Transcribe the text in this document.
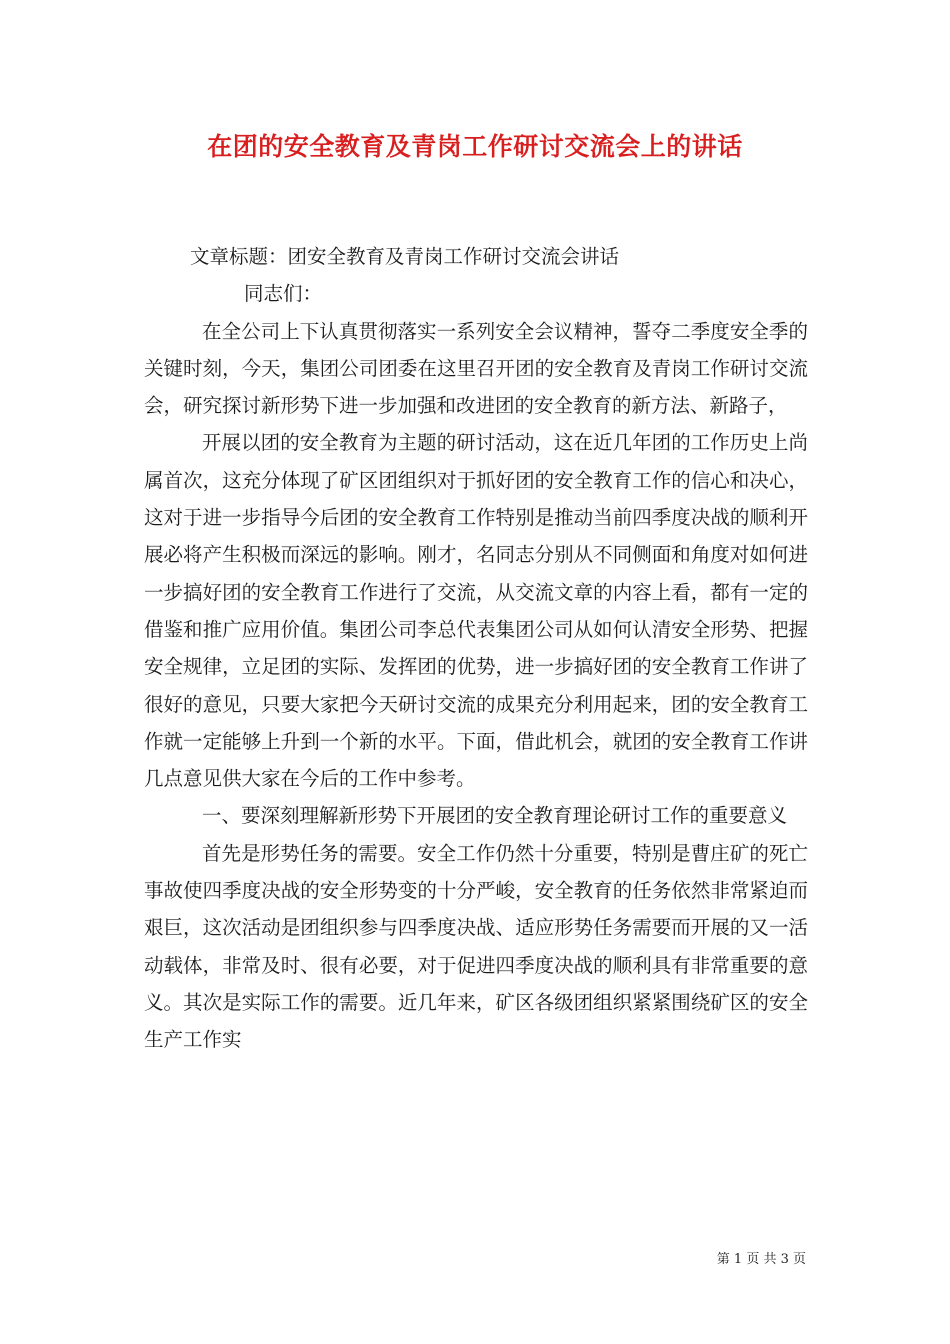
在团的安全教育及青岗工作研讨交流会上的讲话

文章标题：团安全教育及青岗工作研讨交流会讲话

同志们：

在全公司上下认真贯彻落实一系列安全会议精神，誓夺二季度安全季的关键时刻，今天，集团公司团委在这里召开团的安全教育及青岗工作研讨交流会，研究探讨新形势下进一步加强和改进团的安全教育的新方法、新路子，

开展以团的安全教育为主题的研讨活动，这在近几年团的工作历史上尚属首次，这充分体现了矿区团组织对于抓好团的安全教育工作的信心和决心，这对于进一步指导今后团的安全教育工作特别是推动当前四季度决战的顺利开展必将产生积极而深远的影响。刚才，名同志分别从不同侧面和角度对如何进一步搞好团的安全教育工作进行了交流，从交流文章的内容上看，都有一定的借鉴和推广应用价值。集团公司李总代表集团公司从如何认清安全形势、把握安全规律，立足团的实际、发挥团的优势，进一步搞好团的安全教育工作讲了很好的意见，只要大家把今天研讨交流的成果充分利用起来，团的安全教育工作就一定能够上升到一个新的水平。下面，借此机会，就团的安全教育工作讲几点意见供大家在今后的工作中参考。

一、要深刻理解新形势下开展团的安全教育理论研讨工作的重要意义

首先是形势任务的需要。安全工作仍然十分重要，特别是曹庄矿的死亡事故使四季度决战的安全形势变的十分严峻，安全教育的任务依然非常紧迫而艰巨，这次活动是团组织参与四季度决战、适应形势任务需要而开展的又一活动载体，非常及时、很有必要，对于促进四季度决战的顺利具有非常重要的意义。其次是实际工作的需要。近几年来，矿区各级团组织紧紧围绕矿区的安全生产工作实

第 1 页 共 3 页
